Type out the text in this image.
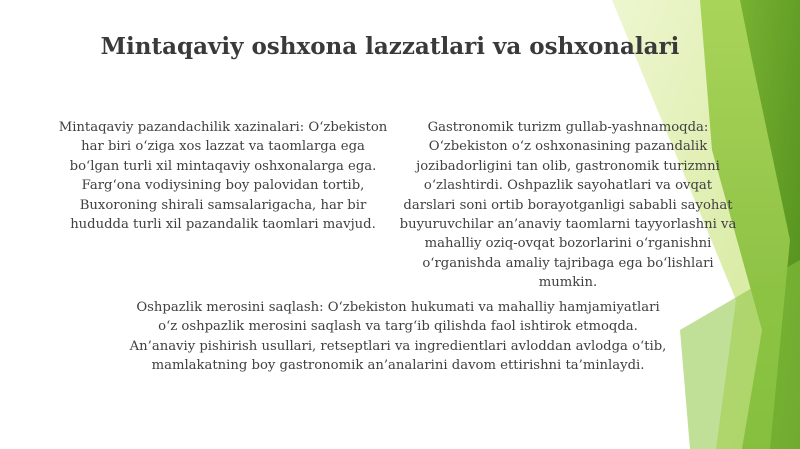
Mintaqaviy oshxona lazzatlari va oshxonalari

Mintaqaviy pazandachilik xazinalari: O‘zbekiston har biri o‘ziga xos lazzat va taomlarga ega bo‘lgan turli xil mintaqaviy oshxonalarga ega. Farg‘ona vodiysining boy palovidan tortib, Buxoroning shirali samsalarigacha, har bir hududda turli xil pazandalik taomlari mavjud.

Gastronomik turizm gullab-yashnamoqda: O‘zbekiston o‘z oshxonasining pazandalik jozibadorligini tan olib, gastronomik turizmni o‘zlashtirdi. Oshpazlik sayohatlari va ovqat darslari soni ortib borayotganligi sababli sayohat buyuruvchilar an’anaviy taomlarni tayyorlashni va mahalliy oziq-ovqat bozorlarini o‘rganishni o‘rganishda amaliy tajribaga ega bo‘lishlari mumkin.

Oshpazlik merosini saqlash: O‘zbekiston hukumati va mahalliy hamjamiyatlari o‘z oshpazlik merosini saqlash va targ‘ib qilishda faol ishtirok etmoqda. An’anaviy pishirish usullari, retseptlari va ingredientlari avloddan avlodga o‘tib, mamlakatning boy gastronomik an’analarini davom ettirishni ta’minlaydi.
